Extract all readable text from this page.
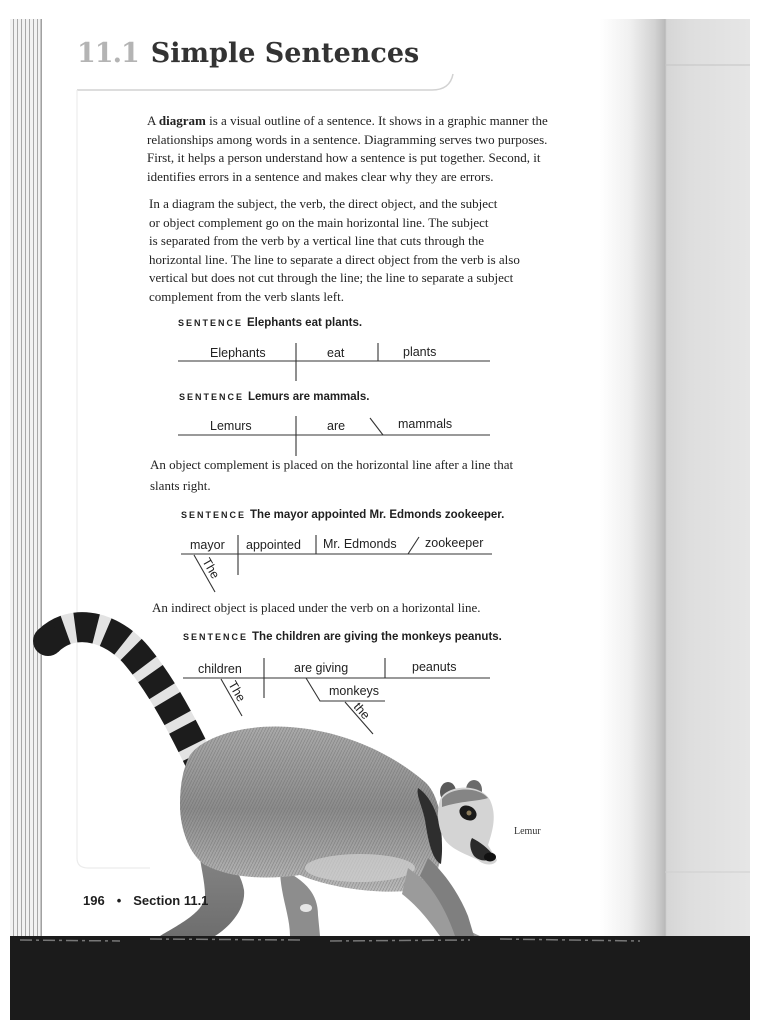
11.1 Simple Sentences
A diagram is a visual outline of a sentence. It shows in a graphic manner the
relationships among words in a sentence. Diagramming serves two purposes.
First, it helps a person understand how a sentence is put together. Second, it
identifies errors in a sentence and makes clear why they are errors.
In a diagram the subject, the verb, the direct object, and the subject
or object complement go on the main horizontal line. The subject
is separated from the verb by a vertical line that cuts through the
horizontal line. The line to separate a direct object from the verb is also
vertical but does not cut through the line; the line to separate a subject
complement from the verb slants left.
SENTENCE Elephants eat plants.
SENTENCE Lemurs are mammals.
An object complement is placed on the horizontal line after a line that
slants right.
SENTENCE The mayor appointed Mr. Edmonds zookeeper.
An indirect object is placed under the verb on a horizontal line.
SENTENCE The children are giving the monkeys peanuts.
Elephants	eat	plants
Lemurs	are	mammals
mayor appointed Mr. Edmonds zookeeper
The
children	are giving	peanuts
monkeys
The
the
Lemur
196 • Section 11.1
